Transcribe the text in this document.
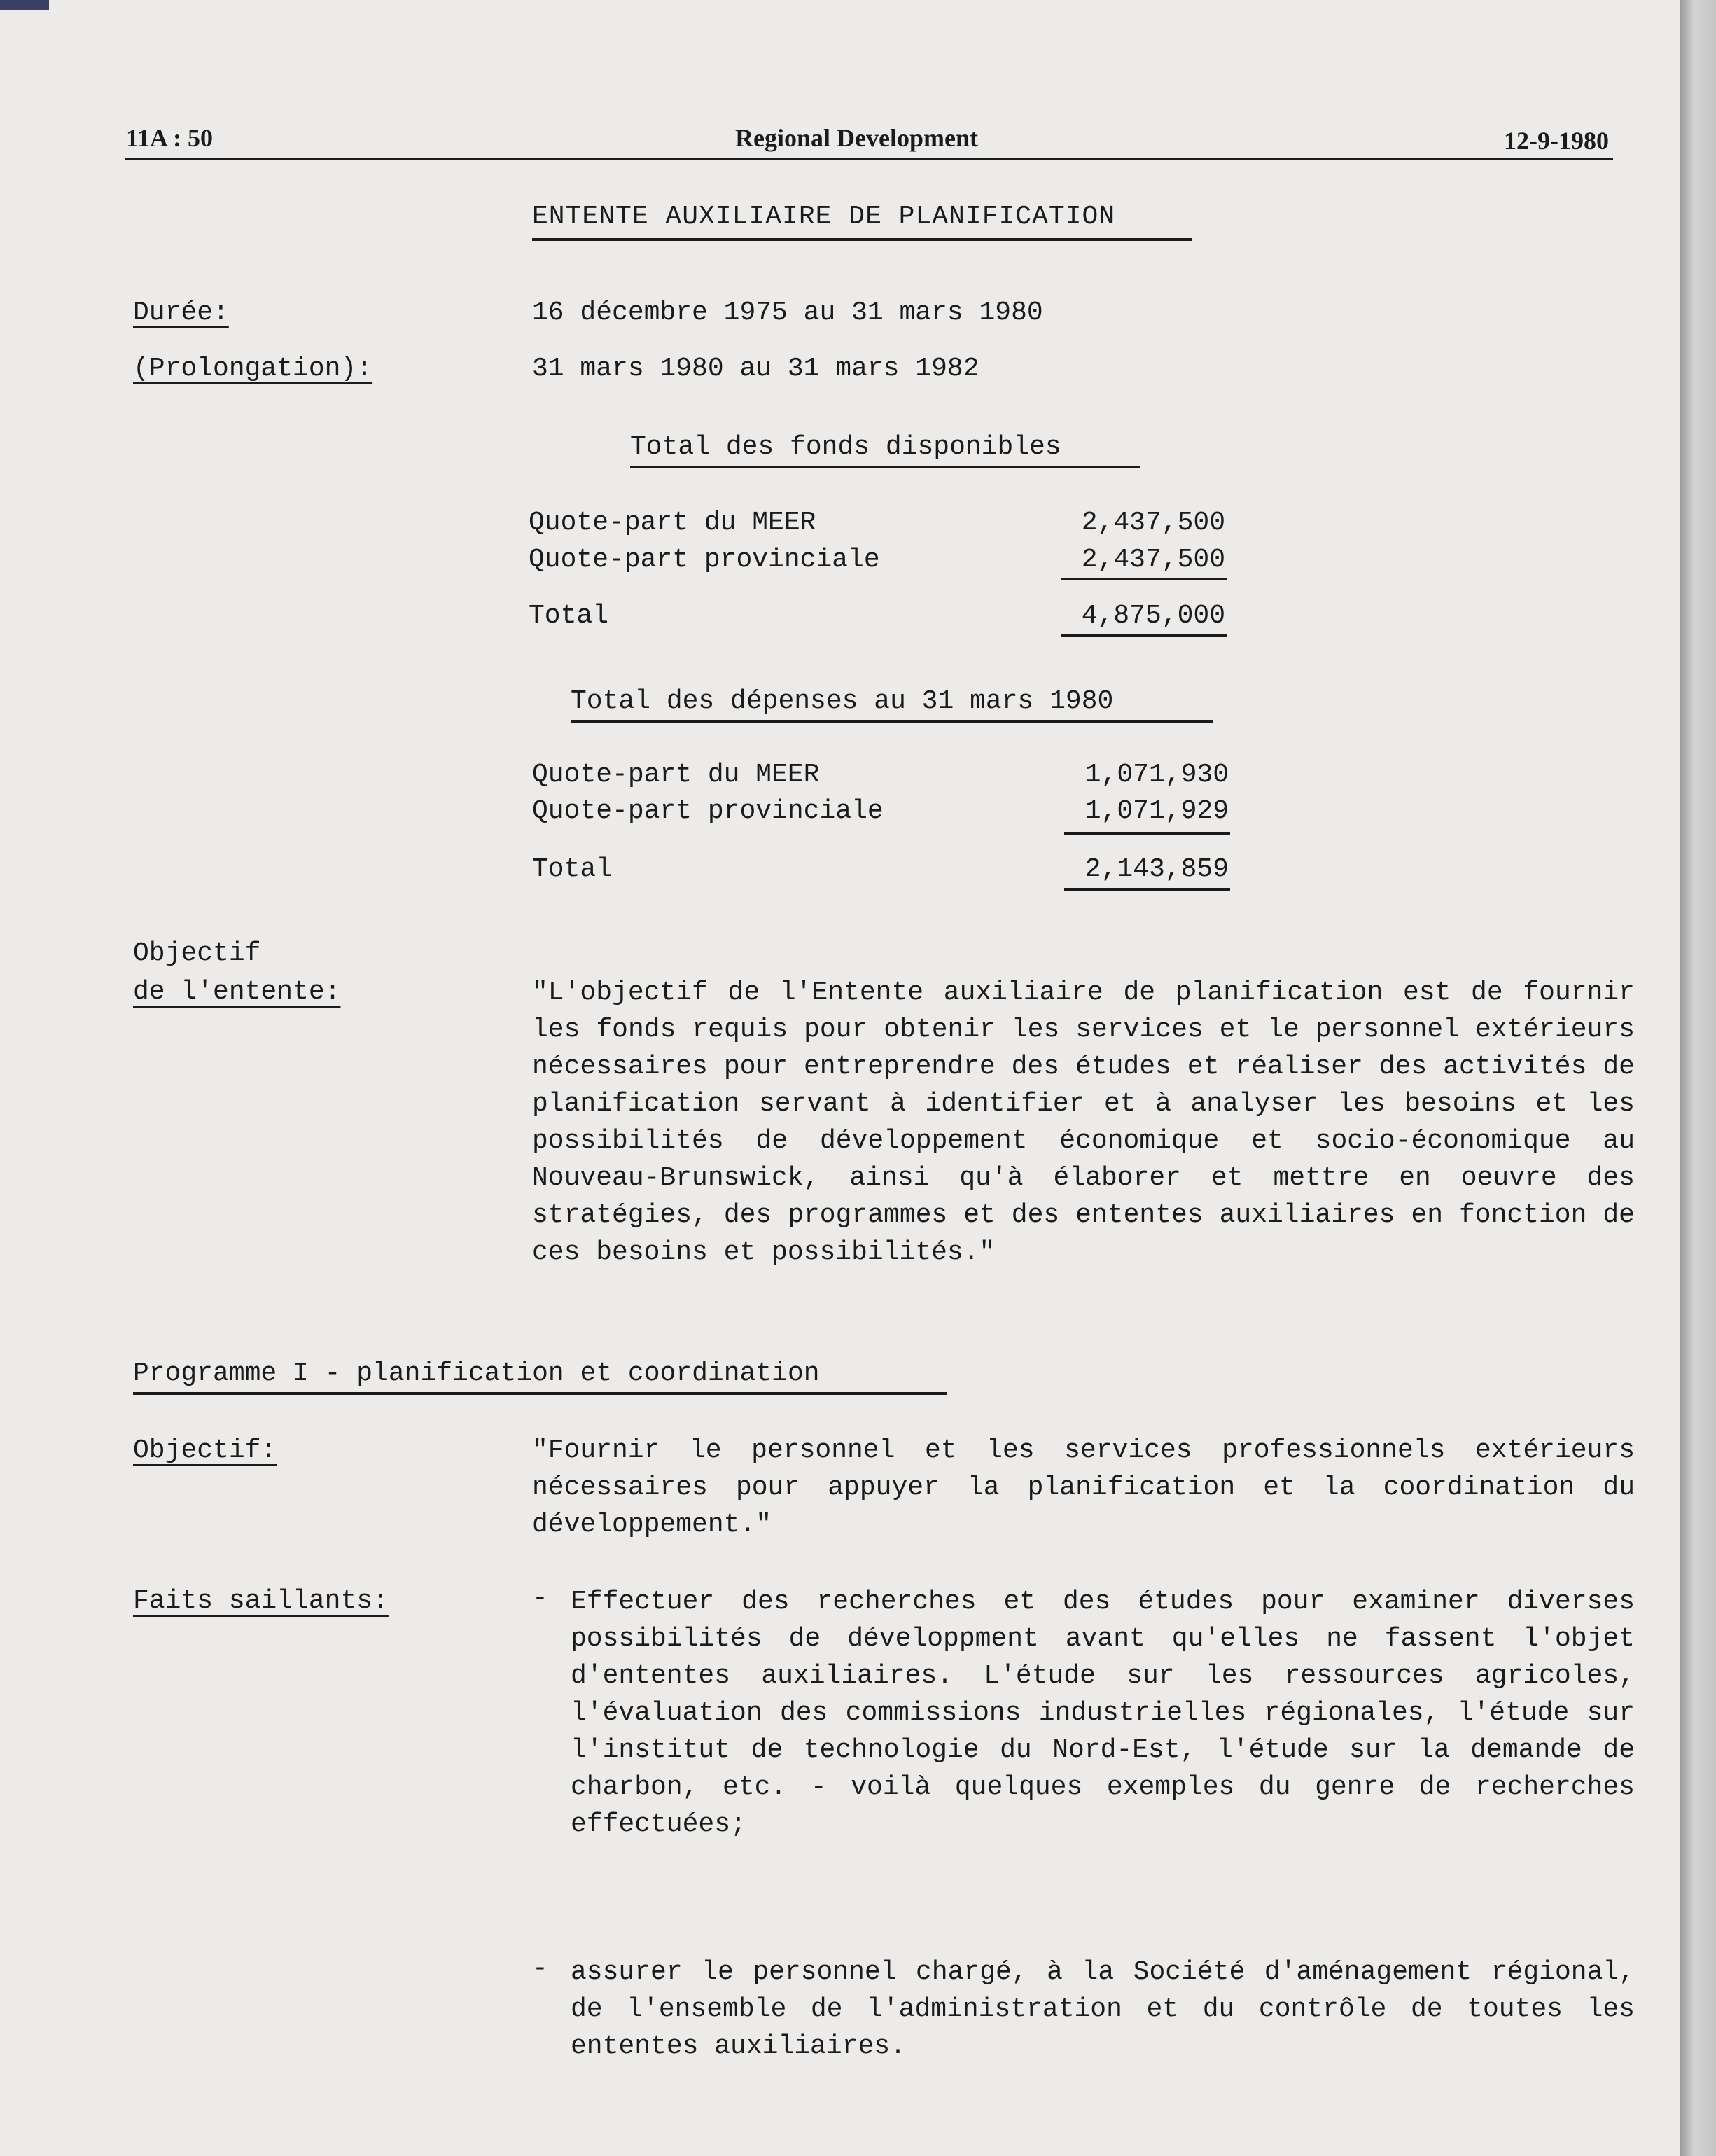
11A : 50	Regional Development	12-9-1980
ENTENTE AUXILIAIRE DE PLANIFICATION
Durée:	16 décembre 1975 au 31 mars 1980
(Prolongation):	31 mars 1980 au 31 mars 1982
Total des fonds disponibles
Quote-part du MEER	2,437,500
Quote-part provinciale	2,437,500
Total	4,875,000
Total des dépenses au 31 mars 1980
Quote-part du MEER	1,071,930
Quote-part provinciale	1,071,929
Total	2,143,859
Objectif
de l'entente:	"L'objectif de l'Entente auxiliaire de planification est de fournir les fonds requis pour obtenir les services et le personnel extérieurs nécessaires pour entreprendre des études et réaliser des activités de planification servant à identifier et à analyser les besoins et les possibilités de développement économique et socio-économique au Nouveau-Brunswick, ainsi qu'à élaborer et mettre en oeuvre des stratégies, des programmes et des ententes auxiliaires en fonction de ces besoins et possibilités."
Programme I - planification et coordination
Objectif:	"Fournir le personnel et les services professionnels extérieurs nécessaires pour appuyer la planification et la coordination du développement."
Faits saillants:	- Effectuer des recherches et des études pour examiner diverses possibilités de développment avant qu'elles ne fassent l'objet d'ententes auxiliaires. L'étude sur les ressources agricoles, l'évaluation des commissions industrielles régionales, l'étude sur l'institut de technologie du Nord-Est, l'étude sur la demande de charbon, etc. - voilà quelques exemples du genre de recherches effectuées;
- assurer le personnel chargé, à la Société d'aménagement régional, de l'ensemble de l'administration et du contrôle de toutes les ententes auxiliaires.
